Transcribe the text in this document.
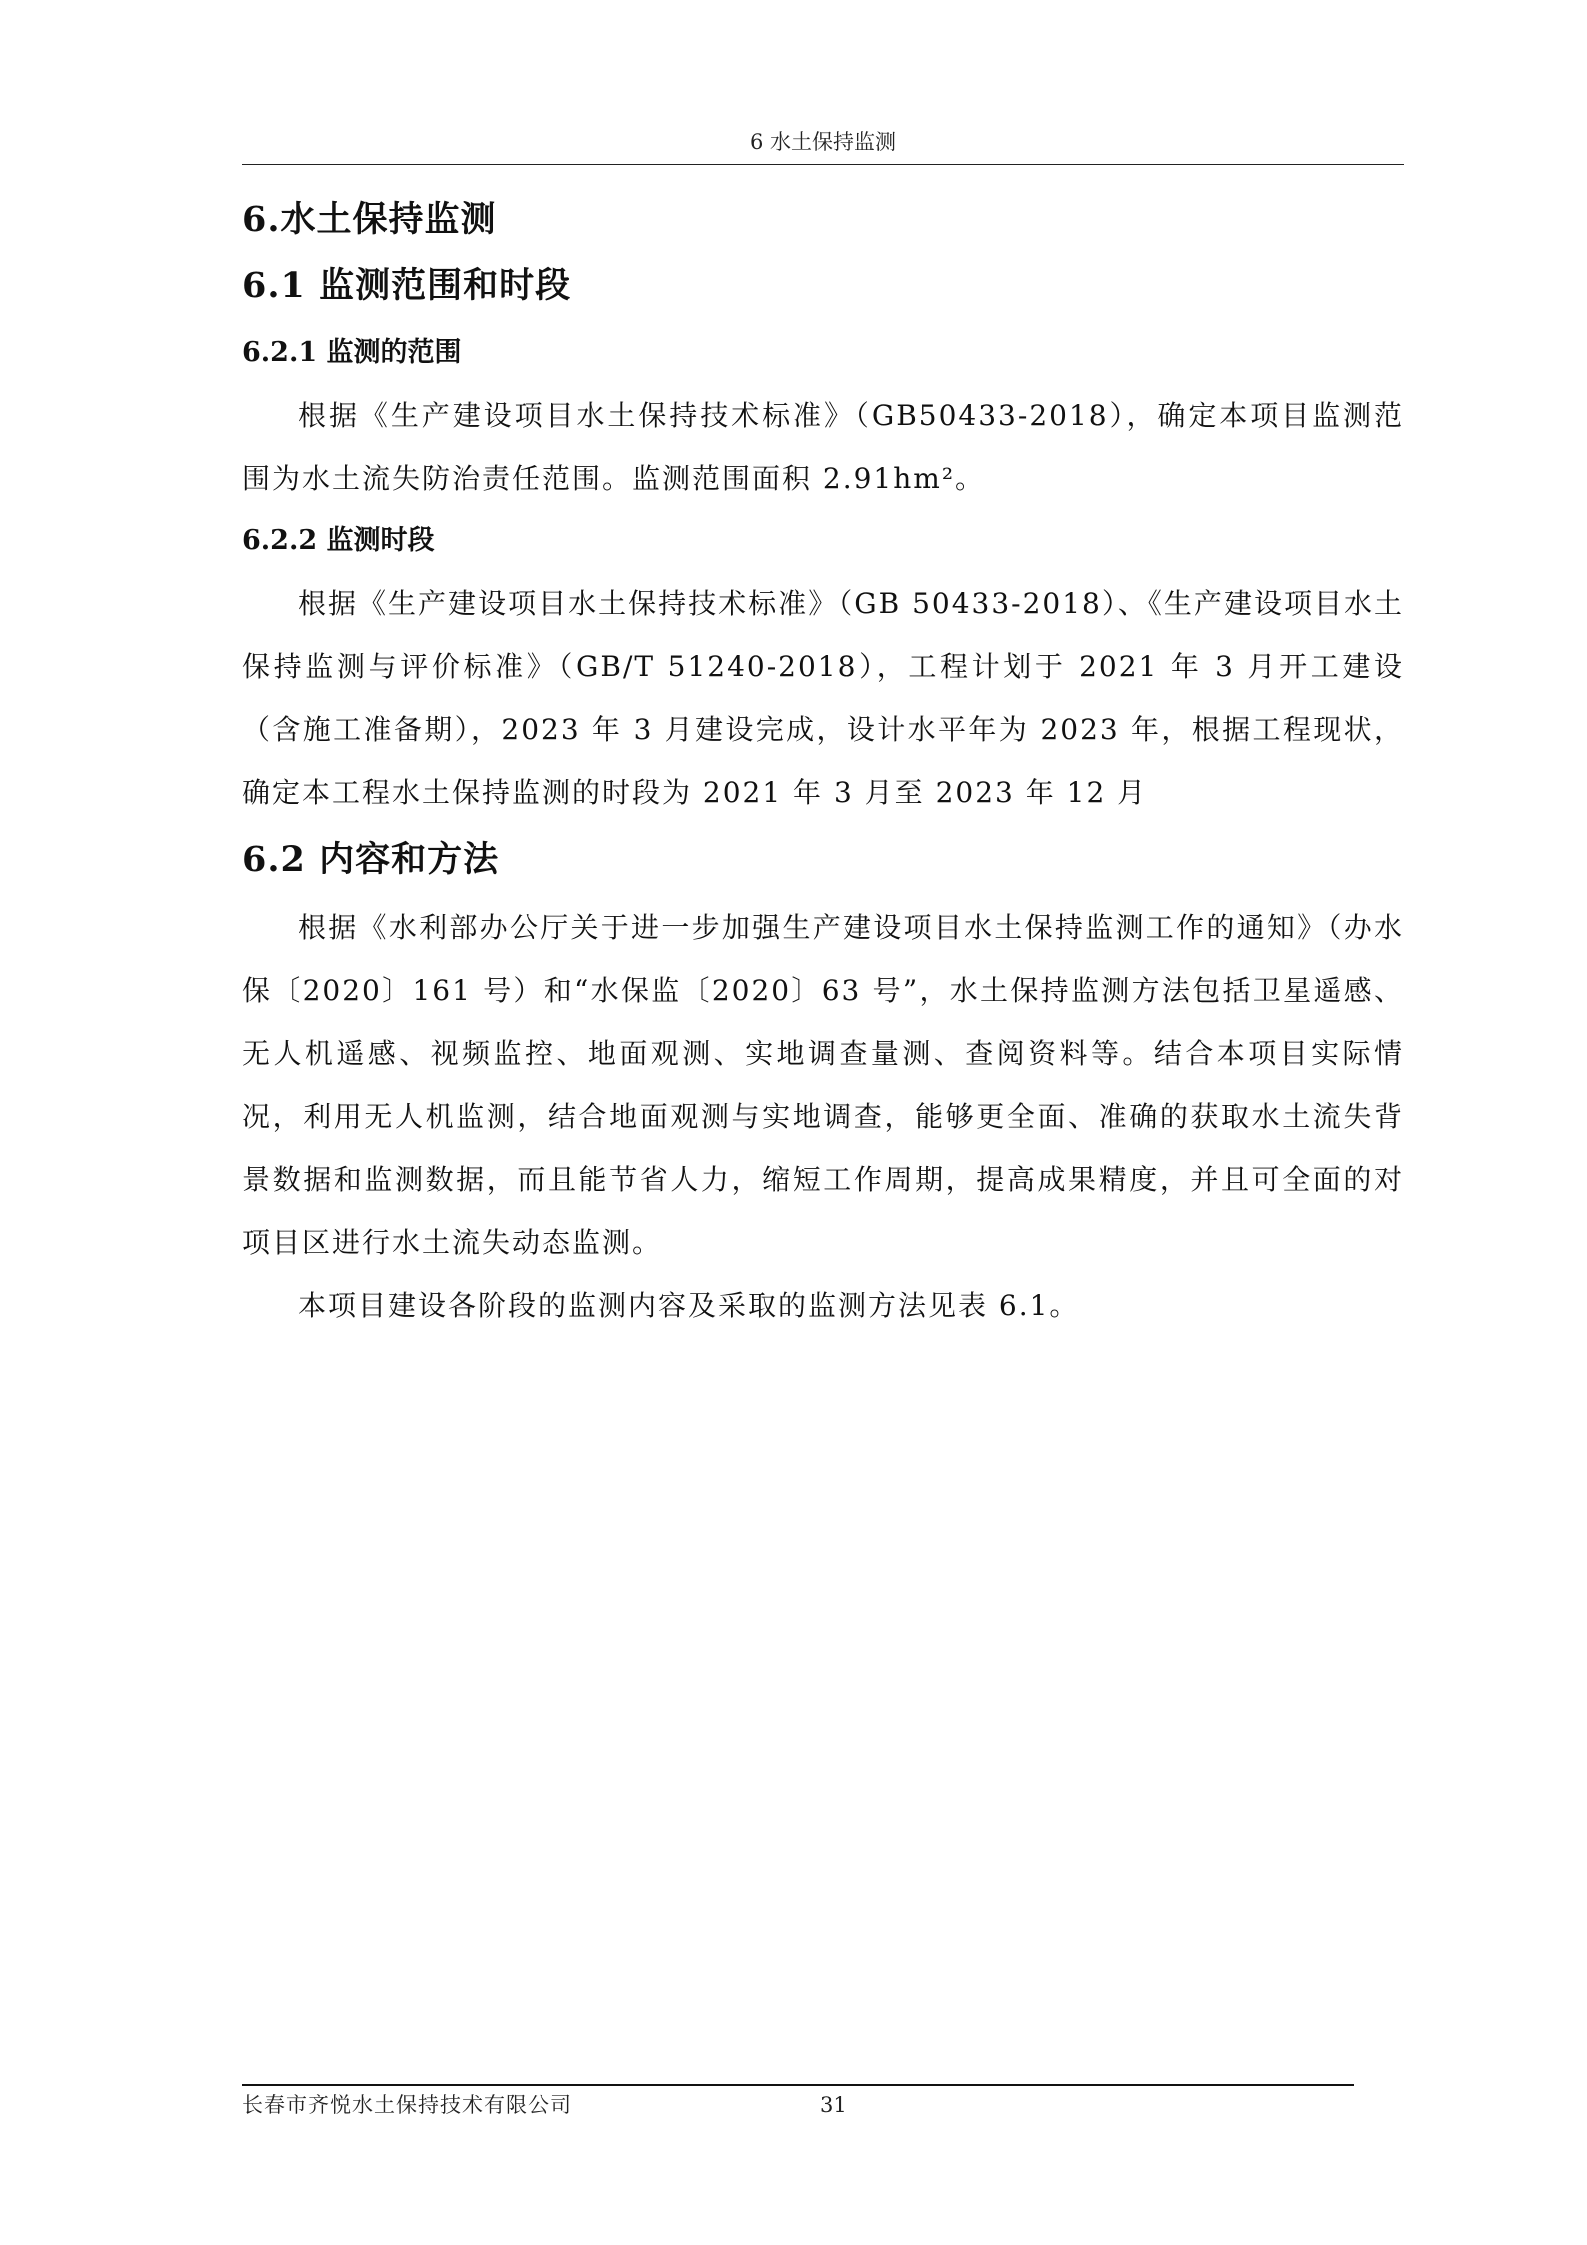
6 水土保持监测
6.水土保持监测
6.1 监测范围和时段
6.2.1 监测的范围

根据《生产建设项目水土保持技术标准》（GB50433-2018），确定本项目监测范围为水土流失防治责任范围。监测范围面积 2.91hm²。

6.2.2 监测时段

根据《生产建设项目水土保持技术标准》（GB 50433-2018）、《生产建设项目水土保持监测与评价标准》（GB/T 51240-2018），工程计划于 2021 年 3 月开工建设（含施工准备期），2023 年 3 月建设完成，设计水平年为 2023 年，根据工程现状，确定本工程水土保持监测的时段为 2021 年 3 月至 2023 年 12 月

6.2 内容和方法

根据《水利部办公厅关于进一步加强生产建设项目水土保持监测工作的通知》（办水保〔2020〕161 号）和“水保监〔2020〕63 号”，水土保持监测方法包括卫星遥感、无人机遥感、视频监控、地面观测、实地调查量测、查阅资料等。结合本项目实际情况，利用无人机监测，结合地面观测与实地调查，能够更全面、准确的获取水土流失背景数据和监测数据，而且能节省人力，缩短工作周期，提高成果精度，并且可全面的对项目区进行水土流失动态监测。

本项目建设各阶段的监测内容及采取的监测方法见表 6.1。

长春市齐悦水土保持技术有限公司	31
